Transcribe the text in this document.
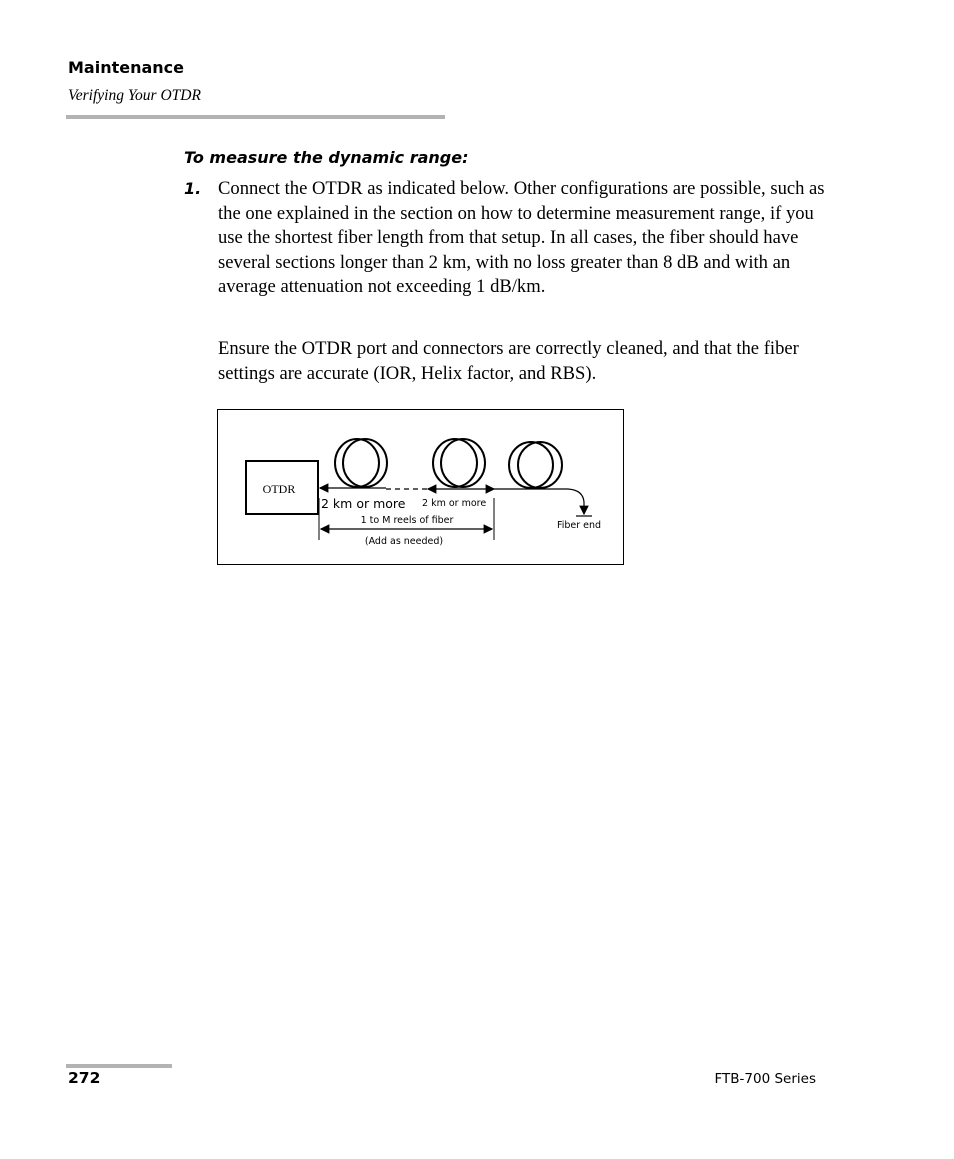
Maintenance
Verifying Your OTDR
To measure the dynamic range:
1. Connect the OTDR as indicated below. Other configurations are possible, such as the one explained in the section on how to determine measurement range, if you use the shortest fiber length from that setup. In all cases, the fiber should have several sections longer than 2 km, with no loss greater than 8 dB and with an average attenuation not exceeding 1 dB/km.
Ensure the OTDR port and connectors are correctly cleaned, and that the fiber settings are accurate (IOR, Helix factor, and RBS).
OTDR
2 km or more 2 km or more
1 to M reels of fiber
(Add as needed)
Fiber end
272	FTB-700 Series
